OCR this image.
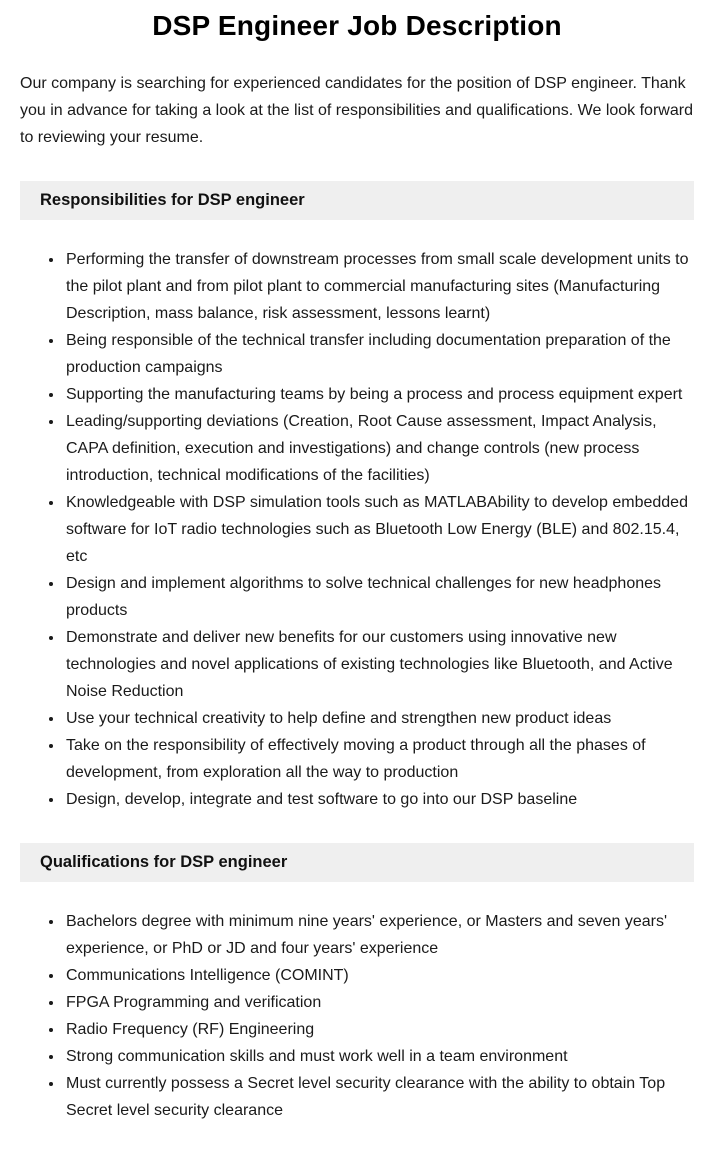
DSP Engineer Job Description

Our company is searching for experienced candidates for the position of DSP engineer. Thank you in advance for taking a look at the list of responsibilities and qualifications. We look forward to reviewing your resume.

Responsibilities for DSP engineer
• Performing the transfer of downstream processes from small scale development units to the pilot plant and from pilot plant to commercial manufacturing sites (Manufacturing Description, mass balance, risk assessment, lessons learnt)
• Being responsible of the technical transfer including documentation preparation of the production campaigns
• Supporting the manufacturing teams by being a process and process equipment expert
• Leading/supporting deviations (Creation, Root Cause assessment, Impact Analysis, CAPA definition, execution and investigations) and change controls (new process introduction, technical modifications of the facilities)
• Knowledgeable with DSP simulation tools such as MATLABAbility to develop embedded software for IoT radio technologies such as Bluetooth Low Energy (BLE) and 802.15.4, etc
• Design and implement algorithms to solve technical challenges for new headphones products
• Demonstrate and deliver new benefits for our customers using innovative new technologies and novel applications of existing technologies like Bluetooth, and Active Noise Reduction
• Use your technical creativity to help define and strengthen new product ideas
• Take on the responsibility of effectively moving a product through all the phases of development, from exploration all the way to production
• Design, develop, integrate and test software to go into our DSP baseline
Qualifications for DSP engineer
• Bachelors degree with minimum nine years' experience, or Masters and seven years' experience, or PhD or JD and four years' experience
• Communications Intelligence (COMINT)
• FPGA Programming and verification
• Radio Frequency (RF) Engineering
• Strong communication skills and must work well in a team environment
• Must currently possess a Secret level security clearance with the ability to obtain Top Secret level security clearance
